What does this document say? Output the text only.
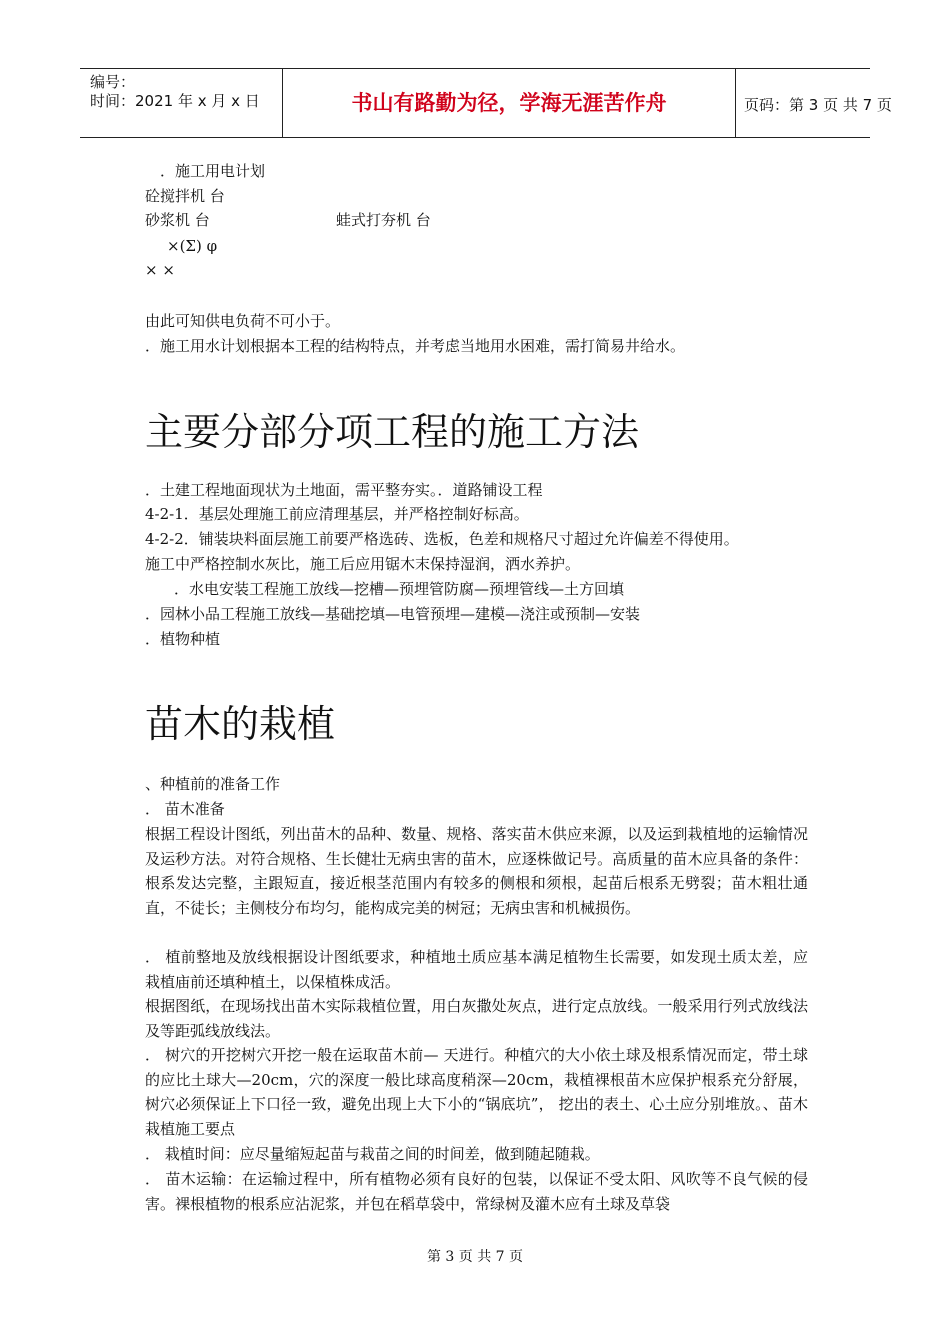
编号：
时间：2021 年 x 月 x 日	书山有路勤为径，学海无涯苦作舟	页码：第 3 页 共 7 页
．施工用电计划
砼搅拌机 台
砂浆机 台	蛙式打夯机 台
×(Σ) φ
× ×
由此可知供电负荷不可小于。
．施工用水计划根据本工程的结构特点，并考虑当地用水困难，需打简易井给水。
主要分部分项工程的施工方法
．土建工程地面现状为土地面，需平整夯实。．道路铺设工程
4-2-1．基层处理施工前应清理基层，并严格控制好标高。
4-2-2．铺装块料面层施工前要严格选砖、选板，色差和规格尺寸超过允许偏差不得使用。
施工中严格控制水灰比，施工后应用锯木末保持湿润，洒水养护。
．水电安装工程施工放线—挖槽—预埋管防腐—预埋管线—土方回填
．园林小品工程施工放线—基础挖填—电管预埋—建模—浇注或预制—安装
．植物种植
苗木的栽植
、种植前的准备工作
． 苗木准备
根据工程设计图纸，列出苗木的品种、数量、规格、落实苗木供应来源，以及运到栽植地的运输情况及运秒方法。对符合规格、生长健壮无病虫害的苗木，应逐株做记号。高质量的苗木应具备的条件：根系发达完整，主跟短直，接近根茎范围内有较多的侧根和须根，起苗后根系无劈裂；苗木粗壮通直，不徒长；主侧枝分布均匀，能构成完美的树冠；无病虫害和机械损伤。
． 植前整地及放线根据设计图纸要求，种植地土质应基本满足植物生长需要，如发现土质太差，应栽植庙前还填种植土，以保植株成活。
根据图纸，在现场找出苗木实际栽植位置，用白灰撒处灰点，进行定点放线。一般采用行列式放线法及等距弧线放线法。
． 树穴的开挖树穴开挖一般在运取苗木前— 天进行。种植穴的大小依土球及根系情况而定，带土球的应比土球大—20cm，穴的深度一般比球高度稍深—20cm，栽植裸根苗木应保护根系充分舒展，树穴必须保证上下口径一致，避免出现上大下小的“锅底坑”， 挖出的表土、心土应分别堆放。、苗木栽植施工要点
． 栽植时间：应尽量缩短起苗与栽苗之间的时间差，做到随起随栽。
． 苗木运输：在运输过程中，所有植物必须有良好的包装，以保证不受太阳、风吹等不良气候的侵害。裸根植物的根系应沾泥浆，并包在稻草袋中，常绿树及灌木应有土球及草袋
第 3 页 共 7 页
